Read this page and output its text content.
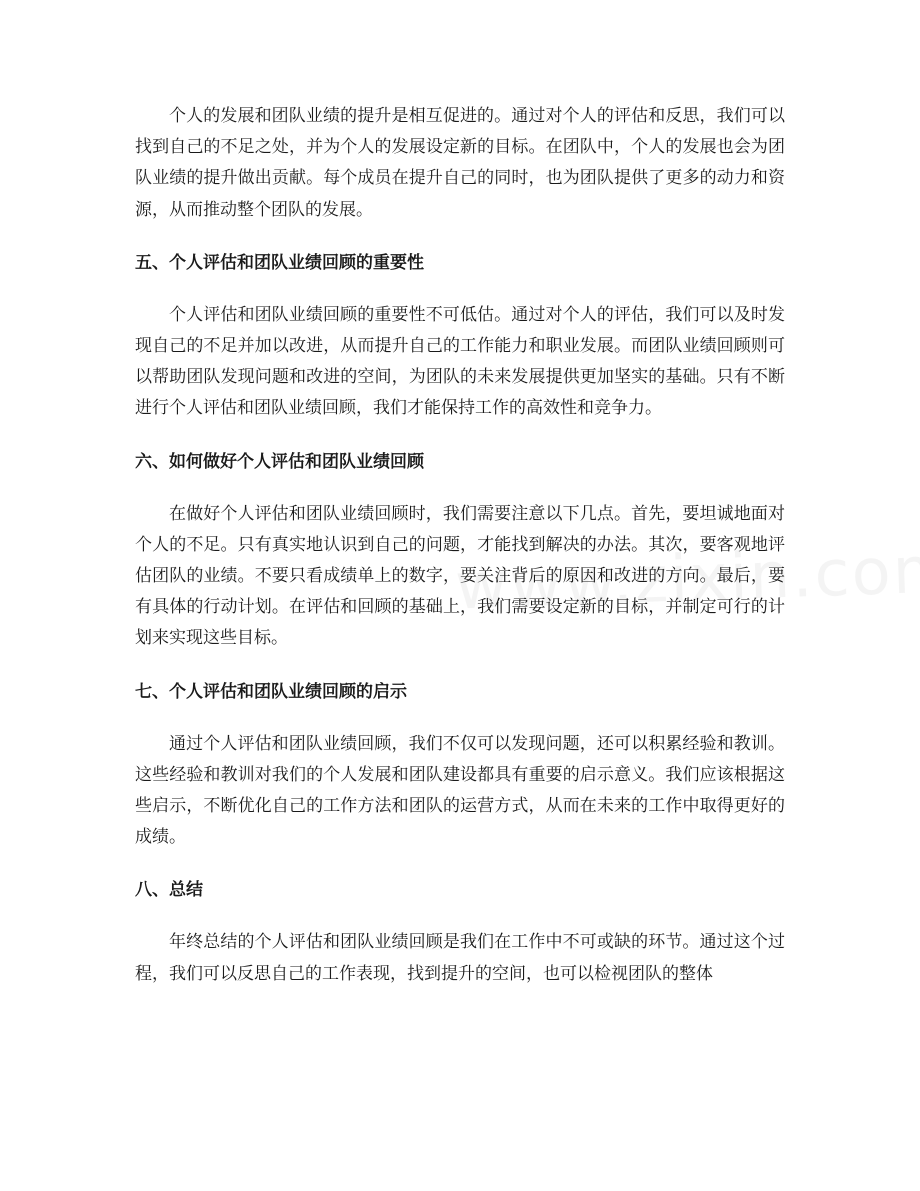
个人的发展和团队业绩的提升是相互促进的。通过对个人的评估和反思，我们可以找到自己的不足之处，并为个人的发展设定新的目标。在团队中，个人的发展也会为团队业绩的提升做出贡献。每个成员在提升自己的同时，也为团队提供了更多的动力和资源，从而推动整个团队的发展。

五、个人评估和团队业绩回顾的重要性

个人评估和团队业绩回顾的重要性不可低估。通过对个人的评估，我们可以及时发现自己的不足并加以改进，从而提升自己的工作能力和职业发展。而团队业绩回顾则可以帮助团队发现问题和改进的空间，为团队的未来发展提供更加坚实的基础。只有不断进行个人评估和团队业绩回顾，我们才能保持工作的高效性和竞争力。

六、如何做好个人评估和团队业绩回顾

在做好个人评估和团队业绩回顾时，我们需要注意以下几点。首先，要坦诚地面对个人的不足。只有真实地认识到自己的问题，才能找到解决的办法。其次，要客观地评估团队的业绩。不要只看成绩单上的数字，要关注背后的原因和改进的方向。最后，要有具体的行动计划。在评估和回顾的基础上，我们需要设定新的目标，并制定可行的计划来实现这些目标。

七、个人评估和团队业绩回顾的启示

通过个人评估和团队业绩回顾，我们不仅可以发现问题，还可以积累经验和教训。这些经验和教训对我们的个人发展和团队建设都具有重要的启示意义。我们应该根据这些启示，不断优化自己的工作方法和团队的运营方式，从而在未来的工作中取得更好的成绩。

八、总结

年终总结的个人评估和团队业绩回顾是我们在工作中不可或缺的环节。通过这个过程，我们可以反思自己的工作表现，找到提升的空间，也可以检视团队的整体
